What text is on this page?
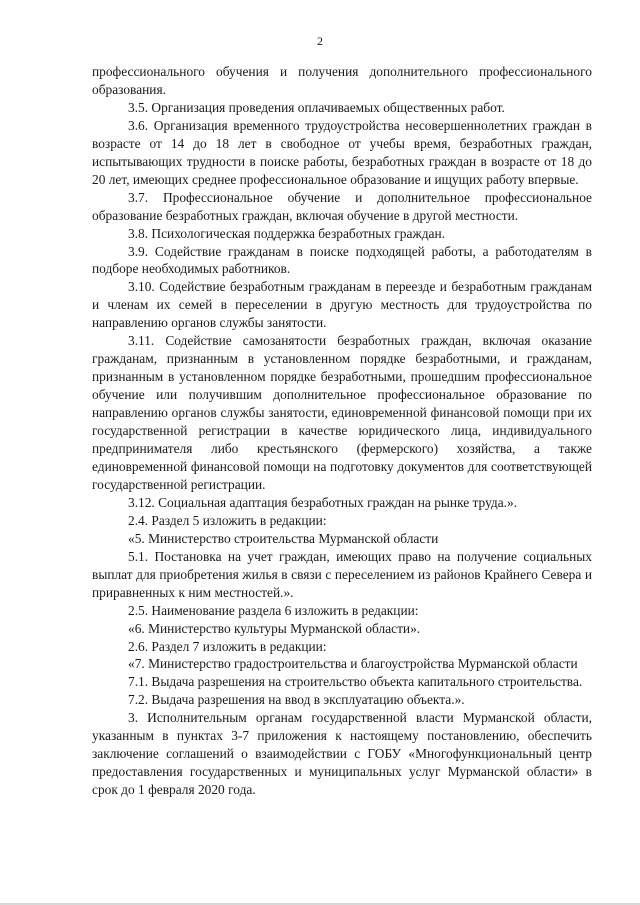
2

профессионального обучения и получения дополнительного профессионального образования.

3.5. Организация проведения оплачиваемых общественных работ.

3.6. Организация временного трудоустройства несовершеннолетних граждан в возрасте от 14 до 18 лет в свободное от учебы время, безработных граждан, испытывающих трудности в поиске работы, безработных граждан в возрасте от 18 до 20 лет, имеющих среднее профессиональное образование и ищущих работу впервые.

3.7. Профессиональное обучение и дополнительное профессиональное образование безработных граждан, включая обучение в другой местности.

3.8. Психологическая поддержка безработных граждан.

3.9. Содействие гражданам в поиске подходящей работы, а работодателям в подборе необходимых работников.

3.10. Содействие безработным гражданам в переезде и безработным гражданам и членам их семей в переселении в другую местность для трудоустройства по направлению органов службы занятости.

3.11. Содействие самозанятости безработных граждан, включая оказание гражданам, признанным в установленном порядке безработными, и гражданам, признанным в установленном порядке безработными, прошедшим профессиональное обучение или получившим дополнительное профессиональное образование по направлению органов службы занятости, единовременной финансовой помощи при их государственной регистрации в качестве юридического лица, индивидуального предпринимателя либо крестьянского (фермерского) хозяйства, а также единовременной финансовой помощи на подготовку документов для соответствующей государственной регистрации.

3.12. Социальная адаптация безработных граждан на рынке труда.».

2.4. Раздел 5 изложить в редакции:

«5. Министерство строительства Мурманской области

5.1. Постановка на учет граждан, имеющих право на получение социальных выплат для приобретения жилья в связи с переселением из районов Крайнего Севера и приравненных к ним местностей.».

2.5. Наименование раздела 6 изложить в редакции:

«6. Министерство культуры Мурманской области».

2.6. Раздел 7 изложить в редакции:

«7. Министерство градостроительства и благоустройства Мурманской области

7.1. Выдача разрешения на строительство объекта капитального строительства.

7.2. Выдача разрешения на ввод в эксплуатацию объекта.».

3. Исполнительным органам государственной власти Мурманской области, указанным в пунктах 3-7 приложения к настоящему постановлению, обеспечить заключение соглашений о взаимодействии с ГОБУ «Многофункциональный центр предоставления государственных и муниципальных услуг Мурманской области» в срок до 1 февраля 2020 года.
